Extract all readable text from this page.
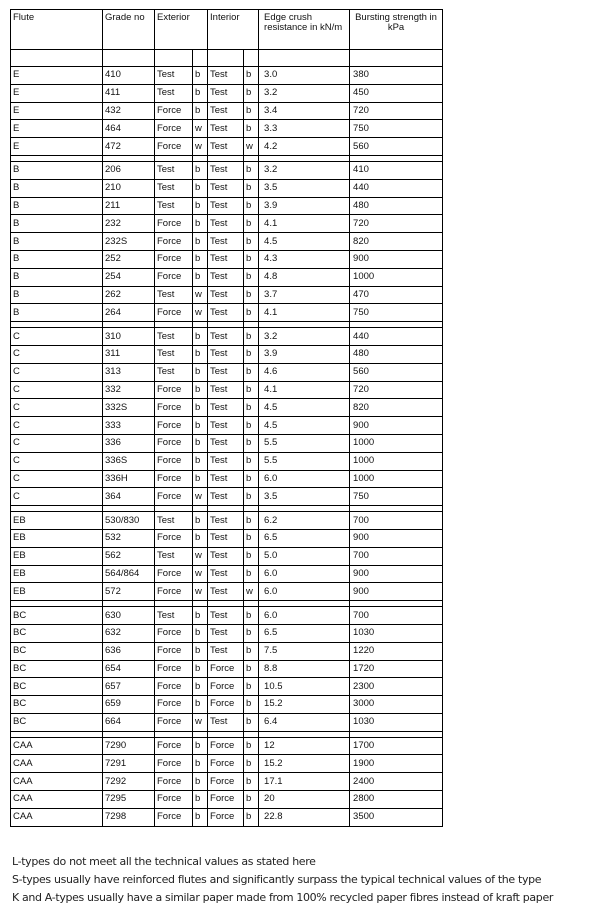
Flute	Grade no	Exterior		Interior		Edge crush resistance in kN/m	Bursting strength in kPa

E	410	Test	b	Test	b	3.0	380
E	411	Test	b	Test	b	3.2	450
E	432	Force	b	Test	b	3.4	720
E	464	Force	w	Test	b	3.3	750
E	472	Force	w	Test	w	4.2	560

B	206	Test	b	Test	b	3.2	410
B	210	Test	b	Test	b	3.5	440
B	211	Test	b	Test	b	3.9	480
B	232	Force	b	Test	b	4.1	720
B	232S	Force	b	Test	b	4.5	820
B	252	Force	b	Test	b	4.3	900
B	254	Force	b	Test	b	4.8	1000
B	262	Test	w	Test	b	3.7	470
B	264	Force	w	Test	b	4.1	750

C	310	Test	b	Test	b	3.2	440
C	311	Test	b	Test	b	3.9	480
C	313	Test	b	Test	b	4.6	560
C	332	Force	b	Test	b	4.1	720
C	332S	Force	b	Test	b	4.5	820
C	333	Force	b	Test	b	4.5	900
C	336	Force	b	Test	b	5.5	1000
C	336S	Force	b	Test	b	5.5	1000
C	336H	Force	b	Test	b	6.0	1000
C	364	Force	w	Test	b	3.5	750

EB	530/830	Test	b	Test	b	6.2	700
EB	532	Force	b	Test	b	6.5	900
EB	562	Test	w	Test	b	5.0	700
EB	564/864	Force	w	Test	b	6.0	900
EB	572	Force	w	Test	w	6.0	900

BC	630	Test	b	Test	b	6.0	700
BC	632	Force	b	Test	b	6.5	1030
BC	636	Force	b	Test	b	7.5	1220
BC	654	Force	b	Force	b	8.8	1720
BC	657	Force	b	Force	b	10.5	2300
BC	659	Force	b	Force	b	15.2	3000
BC	664	Force	w	Test	b	6.4	1030

CAA	7290	Force	b	Force	b	12	1700
CAA	7291	Force	b	Force	b	15.2	1900
CAA	7292	Force	b	Force	b	17.1	2400
CAA	7295	Force	b	Force	b	20	2800
CAA	7298	Force	b	Force	b	22.8	3500
L-types do not meet all the technical values as stated here
S-types usually have reinforced flutes and significantly surpass the typical technical values of the type
K and A-types usually have a similar paper made from 100% recycled paper fibres instead of kraft paper
